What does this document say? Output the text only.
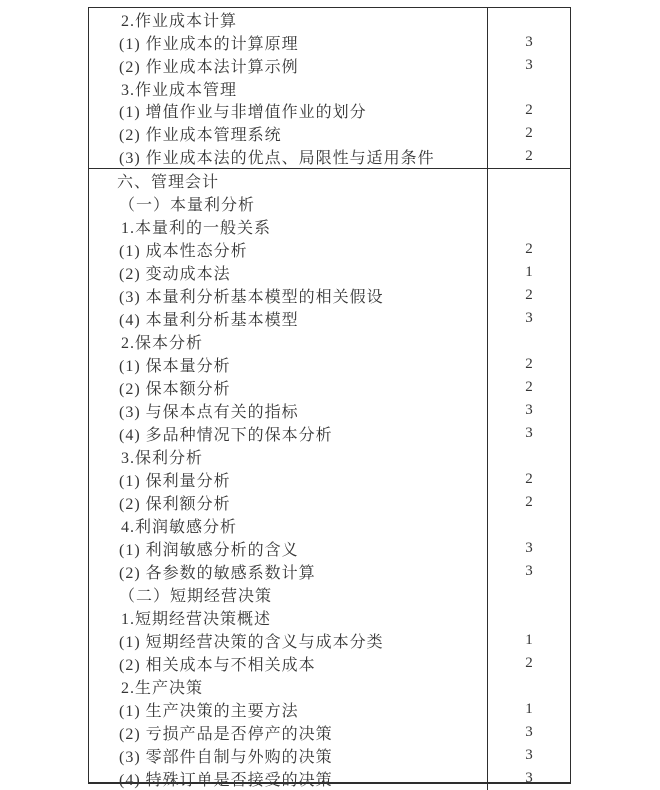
2.作业成本计算
(1) 作业成本的计算原理	3
(2) 作业成本法计算示例	3
3.作业成本管理
(1) 增值作业与非增值作业的划分	2
(2) 作业成本管理系统	2
(3) 作业成本法的优点、局限性与适用条件	2
六、管理会计
（一）本量利分析
1.本量利的一般关系
(1) 成本性态分析	2
(2) 变动成本法	1
(3) 本量利分析基本模型的相关假设	2
(4) 本量利分析基本模型	3
2.保本分析
(1) 保本量分析	2
(2) 保本额分析	2
(3) 与保本点有关的指标	3
(4) 多品种情况下的保本分析	3
3.保利分析
(1) 保利量分析	2
(2) 保利额分析	2
4.利润敏感分析
(1) 利润敏感分析的含义	3
(2) 各参数的敏感系数计算	3
（二）短期经营决策
1.短期经营决策概述
(1) 短期经营决策的含义与成本分类	1
(2) 相关成本与不相关成本	2
2.生产决策
(1) 生产决策的主要方法	1
(2) 亏损产品是否停产的决策	3
(3) 零部件自制与外购的决策	3
(4) 特殊订单是否接受的决策	3
